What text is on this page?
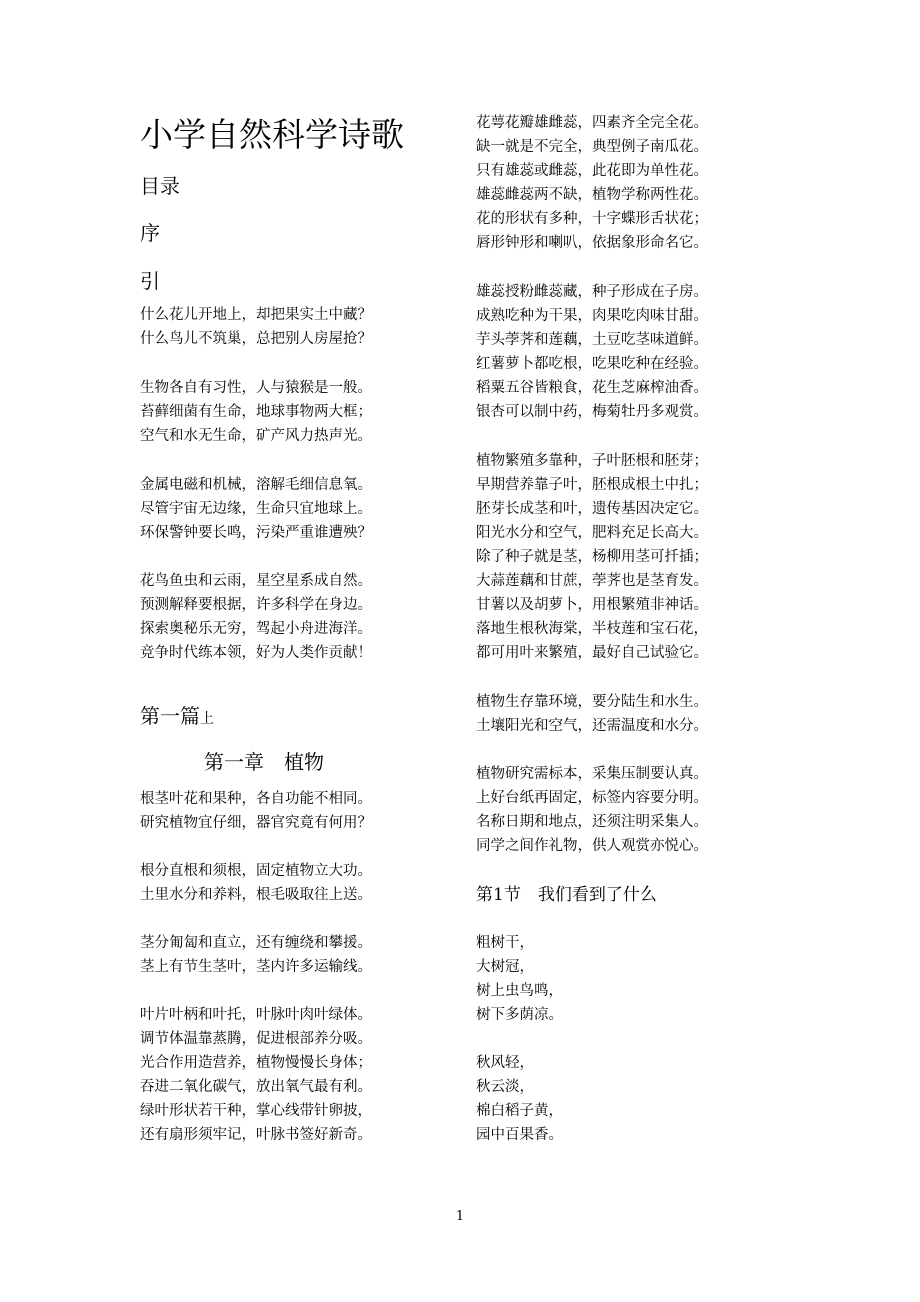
小学自然科学诗歌
目录
序
引
什么花儿开地上，却把果实土中藏？
什么鸟儿不筑巢，总把别人房屋抢？
生物各自有习性，人与猿猴是一般。
苔藓细菌有生命，地球事物两大框；
空气和水无生命，矿产风力热声光。
金属电磁和机械，溶解毛细信息氧。
尽管宇宙无边缘，生命只宜地球上。
环保警钟要长鸣，污染严重谁遭殃？
花鸟鱼虫和云雨，星空星系成自然。
预测解释要根据，许多科学在身边。
探索奥秘乐无穷，驾起小舟进海洋。
竞争时代练本领，好为人类作贡献！
第一篇上
第一章　植物
根茎叶花和果种，各自功能不相同。
研究植物宜仔细，器官究竟有何用？
根分直根和须根，固定植物立大功。
土里水分和养料，根毛吸取往上送。
茎分匍匐和直立，还有缠绕和攀援。
茎上有节生茎叶，茎内许多运输线。
叶片叶柄和叶托，叶脉叶肉叶绿体。
调节体温靠蒸腾，促进根部养分吸。
光合作用造营养，植物慢慢长身体；
吞进二氧化碳气，放出氧气最有利。
绿叶形状若干种，掌心线带针卵披，
还有扇形须牢记，叶脉书签好新奇。
花萼花瓣雄雌蕊，四素齐全完全花。
缺一就是不完全，典型例子南瓜花。
只有雄蕊或雌蕊，此花即为单性花。
雄蕊雌蕊两不缺，植物学称两性花。
花的形状有多种，十字蝶形舌状花；
唇形钟形和喇叭，依据象形命名它。
雄蕊授粉雌蕊藏，种子形成在子房。
成熟吃种为干果，肉果吃肉味甘甜。
芋头荸荠和莲藕，土豆吃茎味道鲜。
红薯萝卜都吃根，吃果吃种在经验。
稻粟五谷皆粮食，花生芝麻榨油香。
银杏可以制中药，梅菊牡丹多观赏。
植物繁殖多靠种，子叶胚根和胚芽；
早期营养靠子叶，胚根成根土中扎；
胚芽长成茎和叶，遗传基因决定它。
阳光水分和空气，肥料充足长高大。
除了种子就是茎，杨柳用茎可扦插；
大蒜莲藕和甘蔗，荸荠也是茎育发。
甘薯以及胡萝卜，用根繁殖非神话。
落地生根秋海棠，半枝莲和宝石花，
都可用叶来繁殖，最好自己试验它。
植物生存靠环境，要分陆生和水生。
土壤阳光和空气，还需温度和水分。
植物研究需标本，采集压制要认真。
上好台纸再固定，标签内容要分明。
名称日期和地点，还须注明采集人。
同学之间作礼物，供人观赏亦悦心。
第1节　我们看到了什么
粗树干，
大树冠，
树上虫鸟鸣，
树下多荫凉。
秋风轻，
秋云淡，
棉白稻子黄，
园中百果香。
1
